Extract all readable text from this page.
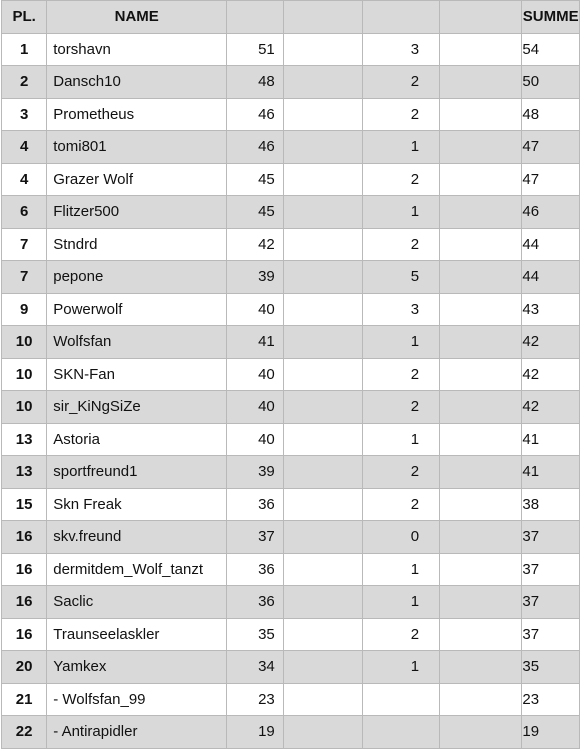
PL.	NAME					SUMME
1	torshavn	51		3		54
2	Dansch10	48		2		50
3	Prometheus	46		2		48
4	tomi801	46		1		47
4	Grazer Wolf	45		2		47
6	Flitzer500	45		1		46
7	Stndrd	42		2		44
7	pepone	39		5		44
9	Powerwolf	40		3		43
10	Wolfsfan	41		1		42
10	SKN-Fan	40		2		42
10	sir_KiNgSiZe	40		2		42
13	Astoria	40		1		41
13	sportfreund1	39		2		41
15	Skn Freak	36		2		38
16	skv.freund	37		0		37
16	dermitdem_Wolf_tanzt	36		1		37
16	Saclic	36		1		37
16	Traunseelaskler	35		2		37
20	Yamkex	34		1		35
21	- Wolfsfan_99	23				23
22	- Antirapidler	19				19
